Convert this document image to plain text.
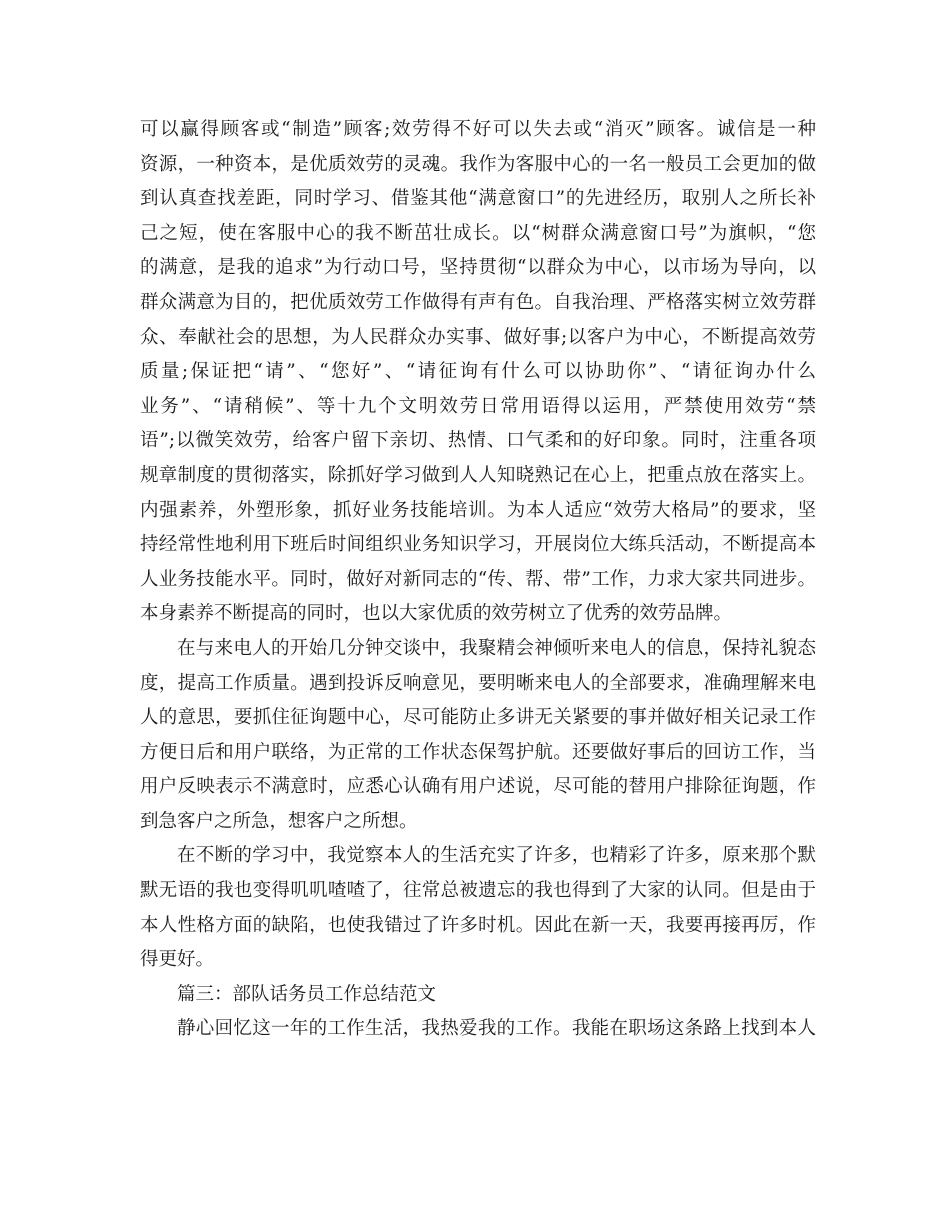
可以赢得顾客或“制造”顾客;效劳得不好可以失去或“消灭”顾客。诚信是一种
资源，一种资本，是优质效劳的灵魂。我作为客服中心的一名一般员工会更加的做
到认真查找差距，同时学习、借鉴其他“满意窗口”的先进经历，取别人之所长补
己之短，使在客服中心的我不断茁壮成长。以“树群众满意窗口号”为旗帜，“您
的满意，是我的追求”为行动口号，坚持贯彻“以群众为中心，以市场为导向，以
群众满意为目的，把优质效劳工作做得有声有色。自我治理、严格落实树立效劳群
众、奉献社会的思想，为人民群众办实事、做好事;以客户为中心，不断提高效劳
质量;保证把“请”、“您好”、“请征询有什么可以协助你”、“请征询办什么
业务”、“请稍候”、等十九个文明效劳日常用语得以运用，严禁使用效劳“禁
语”;以微笑效劳，给客户留下亲切、热情、口气柔和的好印象。同时，注重各项
规章制度的贯彻落实，除抓好学习做到人人知晓熟记在心上，把重点放在落实上。
内强素养，外塑形象，抓好业务技能培训。为本人适应“效劳大格局”的要求，坚
持经常性地利用下班后时间组织业务知识学习，开展岗位大练兵活动，不断提高本
人业务技能水平。同时，做好对新同志的“传、帮、带”工作，力求大家共同进步。
本身素养不断提高的同时，也以大家优质的效劳树立了优秀的效劳品牌。
在与来电人的开始几分钟交谈中，我聚精会神倾听来电人的信息，保持礼貌态
度，提高工作质量。遇到投诉反响意见，要明晰来电人的全部要求，准确理解来电
人的意思，要抓住征询题中心，尽可能防止多讲无关紧要的事并做好相关记录工作
方便日后和用户联络，为正常的工作状态保驾护航。还要做好事后的回访工作，当
用户反映表示不满意时，应悉心认确有用户述说，尽可能的替用户排除征询题，作
到急客户之所急，想客户之所想。
在不断的学习中，我觉察本人的生活充实了许多，也精彩了许多，原来那个默
默无语的我也变得叽叽喳喳了，往常总被遗忘的我也得到了大家的认同。但是由于
本人性格方面的缺陷，也使我错过了许多时机。因此在新一天，我要再接再厉，作
得更好。
篇三：部队话务员工作总结范文
静心回忆这一年的工作生活，我热爱我的工作。我能在职场这条路上找到本人
